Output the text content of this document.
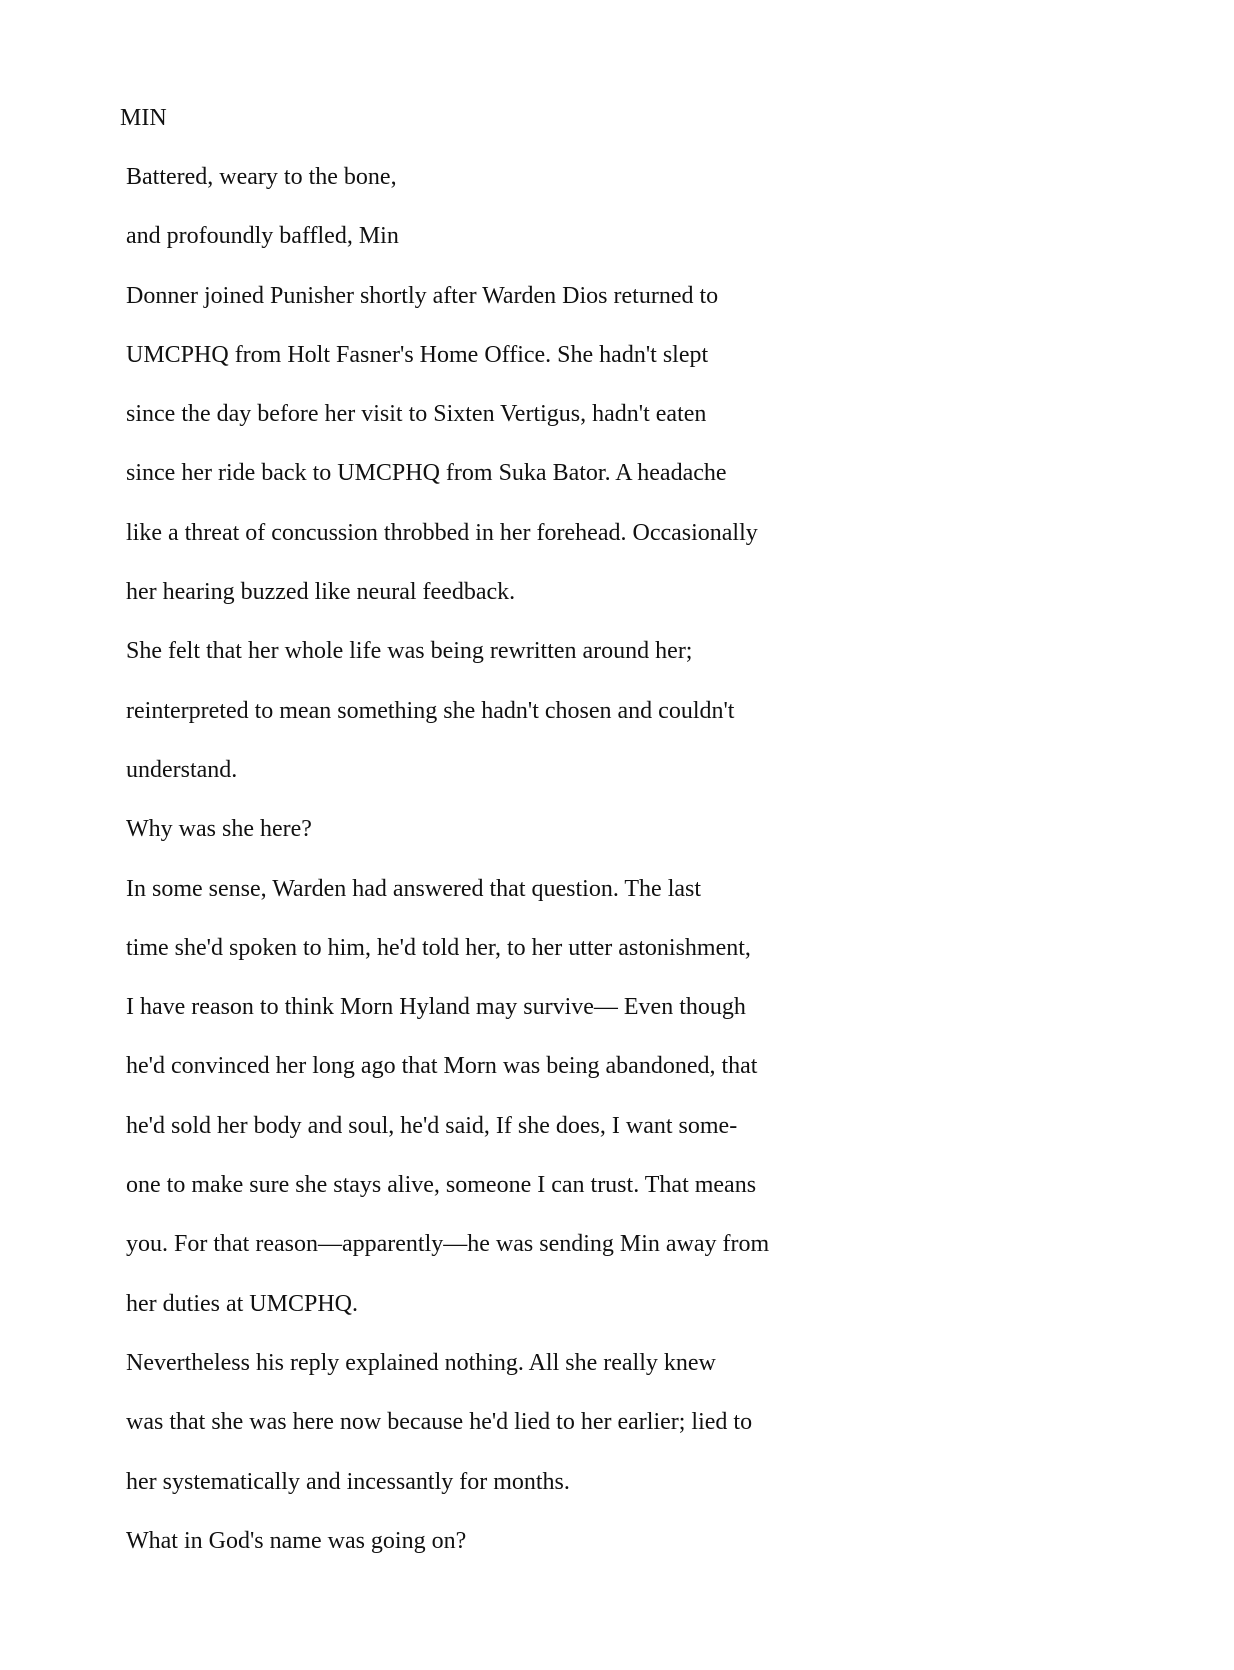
MIN
Battered, weary to the bone,
and profoundly baffled, Min
Donner joined Punisher shortly after Warden Dios returned to
UMCPHQ from Holt Fasner's Home Office. She hadn't slept
since the day before her visit to Sixten Vertigus, hadn't eaten
since her ride back to UMCPHQ from Suka Bator. A headache
like a threat of concussion throbbed in her forehead. Occasionally
her hearing buzzed like neural feedback.
She felt that her whole life was being rewritten around her;
reinterpreted to mean something she hadn't chosen and couldn't
understand.
Why was she here?
In some sense, Warden had answered that question. The last
time she'd spoken to him, he'd told her, to her utter astonishment,
I have reason to think Morn Hyland may survive— Even though
he'd convinced her long ago that Morn was being abandoned, that
he'd sold her body and soul, he'd said, If she does, I want some-
one to make sure she stays alive, someone I can trust. That means
you. For that reason—apparently—he was sending Min away from
her duties at UMCPHQ.
Nevertheless his reply explained nothing. All she really knew
was that she was here now because he'd lied to her earlier; lied to
her systematically and incessantly for months.
What in God's name was going on?
